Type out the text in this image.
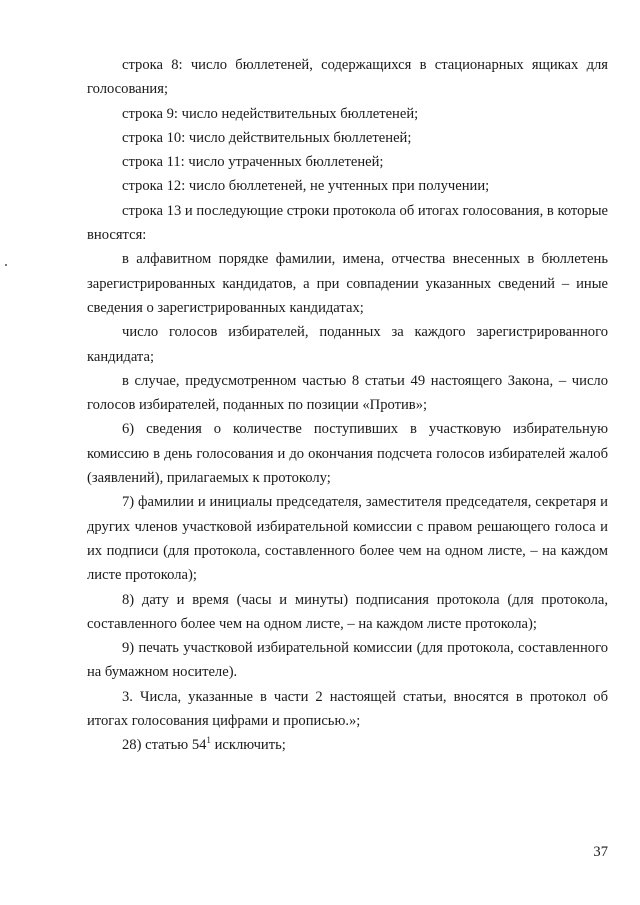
строка 8: число бюллетеней, содержащихся в стационарных ящиках для голосования;

строка 9: число недействительных бюллетеней;

строка 10: число действительных бюллетеней;

строка 11: число утраченных бюллетеней;

строка 12: число бюллетеней, не учтенных при получении;

строка 13 и последующие строки протокола об итогах голосования, в которые вносятся:

в алфавитном порядке фамилии, имена, отчества внесенных в бюллетень зарегистрированных кандидатов, а при совпадении указанных сведений – иные сведения о зарегистрированных кандидатах;

число голосов избирателей, поданных за каждого зарегистрированного кандидата;

в случае, предусмотренном частью 8 статьи 49 настоящего Закона, – число голосов избирателей, поданных по позиции «Против»;

6) сведения о количестве поступивших в участковую избирательную комиссию в день голосования и до окончания подсчета голосов избирателей жалоб (заявлений), прилагаемых к протоколу;

7) фамилии и инициалы председателя, заместителя председателя, секретаря и других членов участковой избирательной комиссии с правом решающего голоса и их подписи (для протокола, составленного более чем на одном листе, – на каждом листе протокола);

8) дату и время (часы и минуты) подписания протокола (для протокола, составленного более чем на одном листе, – на каждом листе протокола);

9) печать участковой избирательной комиссии (для протокола, составленного на бумажном носителе).

3. Числа, указанные в части 2 настоящей статьи, вносятся в протокол об итогах голосования цифрами и прописью.»;

28) статью $54^1$ исключить;

37
